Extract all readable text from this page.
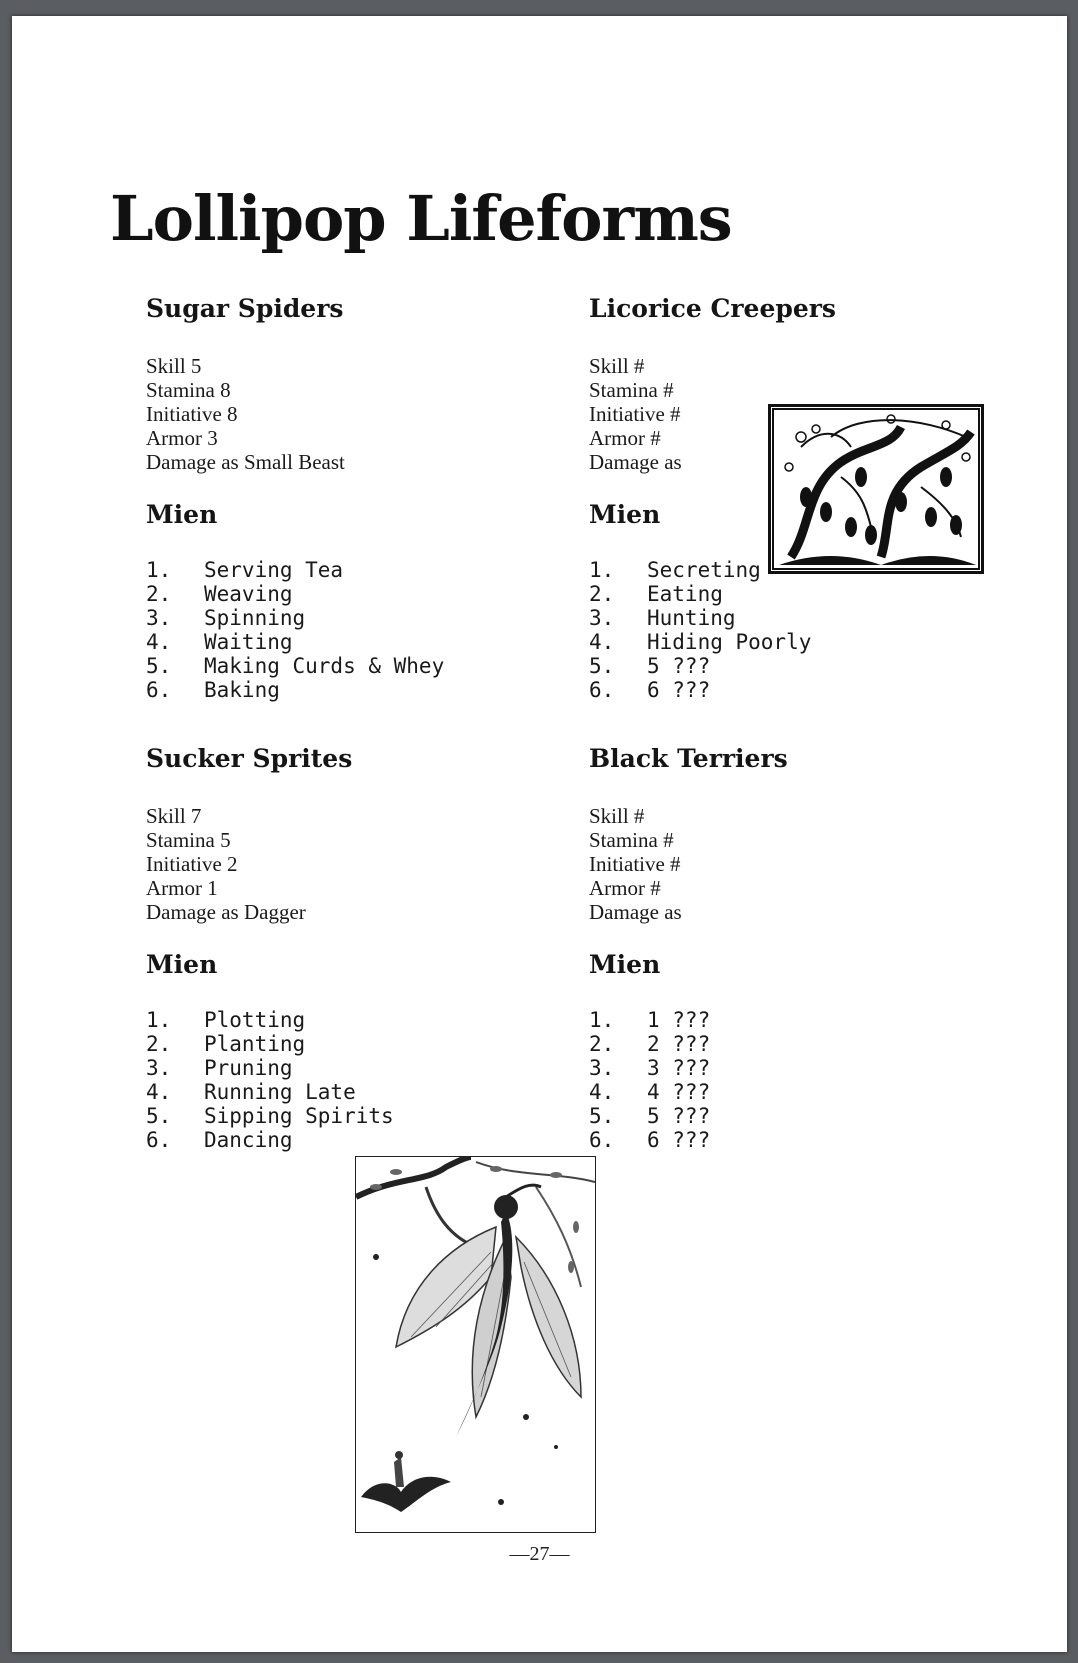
Lollipop Lifeforms
Sugar Spiders
Skill 5
Stamina 8
Initiative 8
Armor 3
Damage as Small Beast
Mien
1. Serving Tea
2. Weaving
3. Spinning
4. Waiting
5. Making Curds & Whey
6. Baking
Licorice Creepers
Skill #
Stamina #
Initiative #
Armor #
Damage as
Mien
1. Secreting
2. Eating
3. Hunting
4. Hiding Poorly
5. 5 ???
6. 6 ???
Sucker Sprites
Skill 7
Stamina 5
Initiative 2
Armor 1
Damage as Dagger
Mien
1. Plotting
2. Planting
3. Pruning
4. Running Late
5. Sipping Spirits
6. Dancing
Black Terriers
Skill #
Stamina #
Initiative #
Armor #
Damage as
Mien
1. 1 ???
2. 2 ???
3. 3 ???
4. 4 ???
5. 5 ???
6. 6 ???
—27—
